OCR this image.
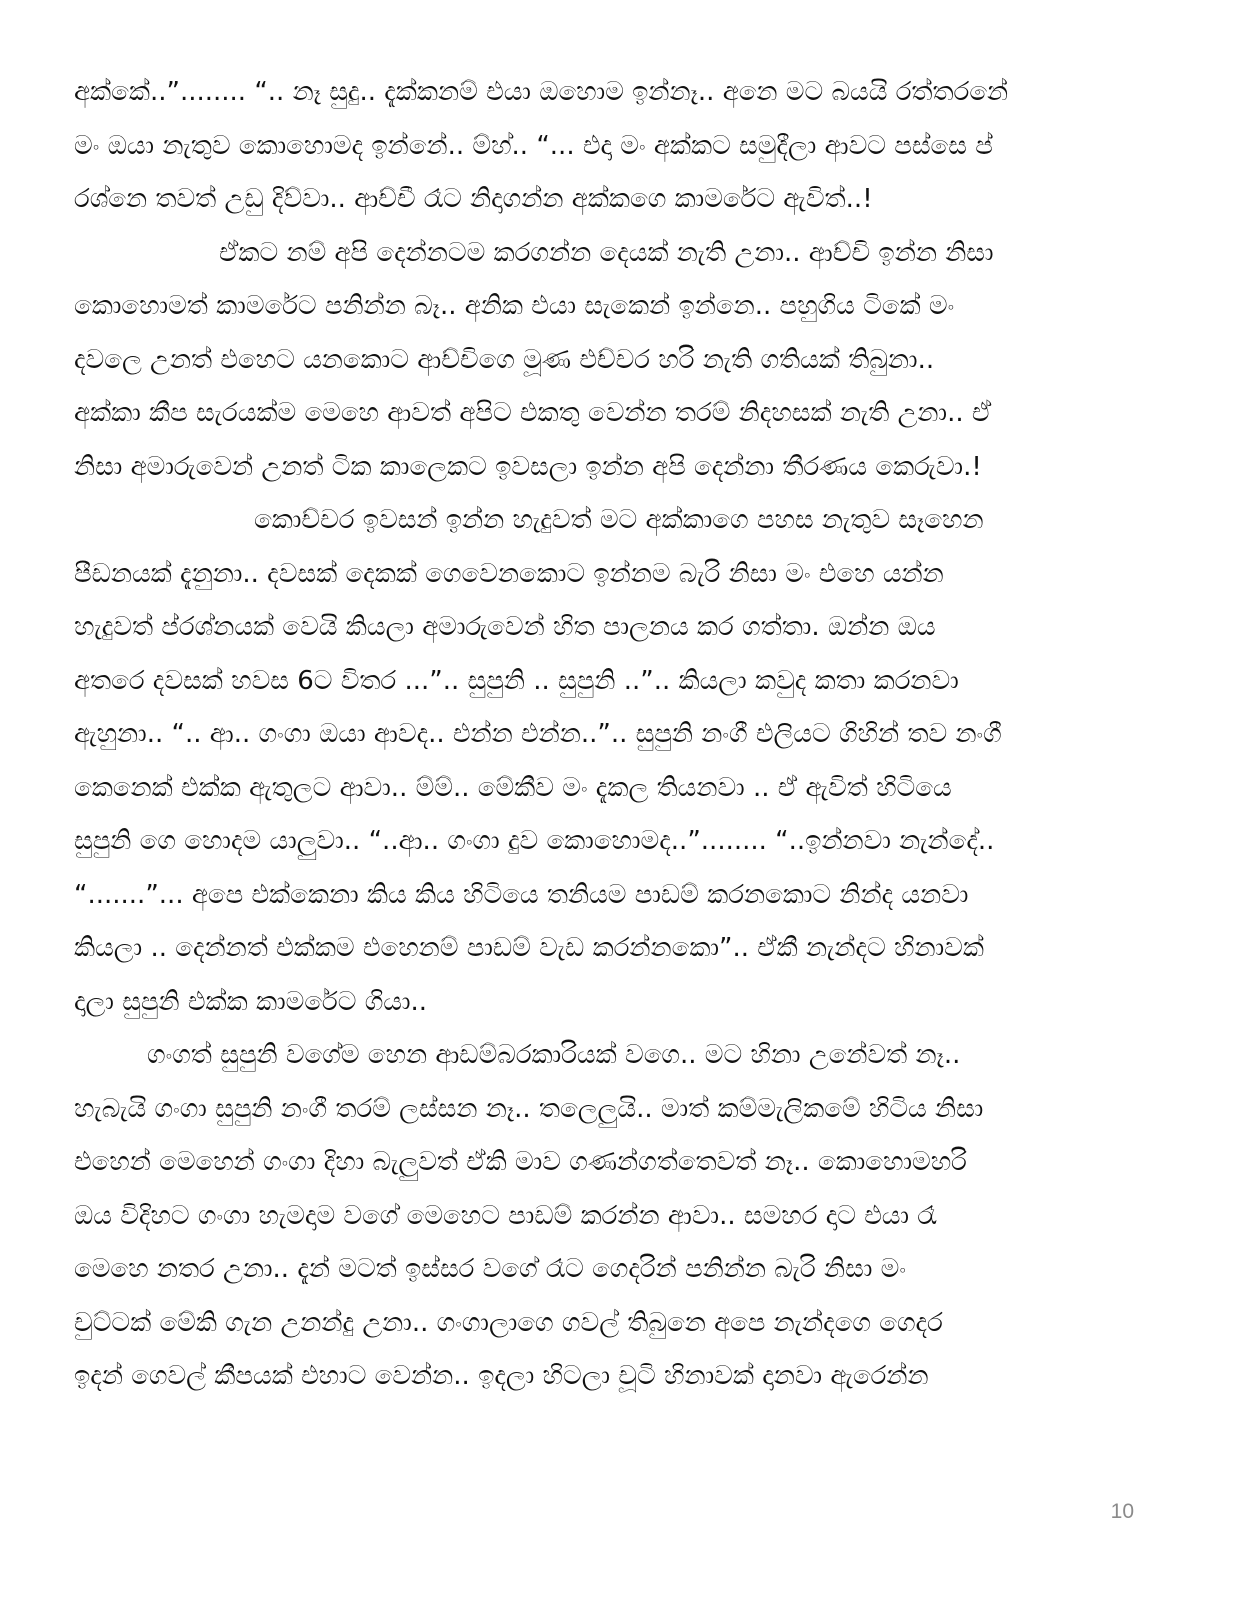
අක්කේ..”........ “.. නෑ සුදු.. දැක්කනම් එයා ඔහොම ඉන්නෑ.. අනෙ මට බයයි රත්තරනේ
මං ඔයා නැතුව කොහොමද ඉන්නේ.. ම්හ්.. “... එදා මං අක්කට සමුදීලා ආවට පස්සෙ ප්
රශ්නෙ තවත් උඩු දිව්වා.. ආච්චී රෑට නිදාගන්න අක්කගෙ කාමරේට ඇවිත්..!
ඒකට නම් අපි දෙන්නටම කරගන්න දෙයක් නැති උනා.. ආච්චි ඉන්න නිසා
කොහොමත් කාමරේට පනින්න බෑ.. අනික එයා සැකෙන් ඉන්නෙ.. පහුගිය ටිකේ මං
දවලෙ උනත් එහෙට යනකොට ආච්චිගෙ මූණ එච්චර හරි නැති ගතියක් තිබුනා..
අක්කා කීප සැරයක්ම මෙහෙ ආවත් අපිට එකතු වෙන්න තරම් නිදහසක් නැති උනා.. ඒ
නිසා අමාරුවෙන් උනත් ටික කාලෙකට ඉවසලා ඉන්න අපි දෙන්නා තීරණය කෙරුවා.!
කොච්චර ඉවසන් ඉන්න හැදුවත් මට අක්කාගෙ පහස නැතුව සෑහෙන
පීඩනයක් දැනුනා.. දවසක් දෙකක් ගෙවෙනකොට ඉන්නම බැරි නිසා මං එහෙ යන්න
හැදුවත් ප්රශ්නයක් වෙයි කියලා අමාරුවෙන් හිත පාලනය කර ගත්තා. ඔන්න ඔය
අතරෙ දවසක් හවස 6ට විතර ...”.. සුපුනි .. සුපුනි ..”.. කියලා කවුද කතා කරනවා
ඇහුනා.. “.. ආ.. ගංගා ඔයා ආවද.. එන්න එන්න..”.. සුපුනි නංගී එලියට ගිහින් තව නංගී
කෙනෙක් එක්ක ඇතුලට ආවා.. ම්ම්.. මේකීව මං දැකල තියනවා .. ඒ ඇවිත් හිටියෙ
සුපුනි ගෙ හොදම යාලුවා.. “..ආ.. ගංගා දුව කොහොමද..”........ “..ඉන්නවා නැන්දේ..
“.......”... අපෙ එක්කෙනා කිය කිය හිටියෙ තනියම පාඩම් කරනකොට නින්ද යනවා
කියලා .. දෙන්නත් එක්කම එහෙනම් පාඩම් වැඩ කරන්නකො”.. ඒකී නැන්දට හිනාවක්
දාලා සුපුනි එක්ක කාමරේට ගියා..
ගංගත් සුපුනි වගේම හෙන ආඩම්බරකාරියක් වගෙ.. මට හිනා උනේවත් නෑ..
හැබැයි ගංගා සුපුනි නංගී තරම් ලස්සන නෑ.. තලෙලුයි.. මාත් කම්මැලිකමේ හිටිය නිසා
එහෙන් මෙහෙන් ගංගා දිහා බැලුවත් ඒකි මාව ගණන්ගත්තෙවත් නෑ.. කොහොමහරි
ඔය විදිහට ගංගා හැමදාම වගේ මෙහෙට පාඩම් කරන්න ආවා.. සමහර දාට එයා රෑ
මෙහෙ නතර උනා.. දැන් මටත් ඉස්සර වගේ රෑට ගෙදරින් පනින්න බැරි නිසා මං
චුට්ටක් මේකි ගැන උනන්දු උනා.. ගංගාලාගෙ ගවල් තිබුනෙ අපෙ නැන්දගෙ ගෙදර
ඉදන් ගෙවල් කීපයක් එහාට වෙන්න.. ඉදලා හිටලා චූටි හිනාවක් දානවා ඇරෙන්න
10
